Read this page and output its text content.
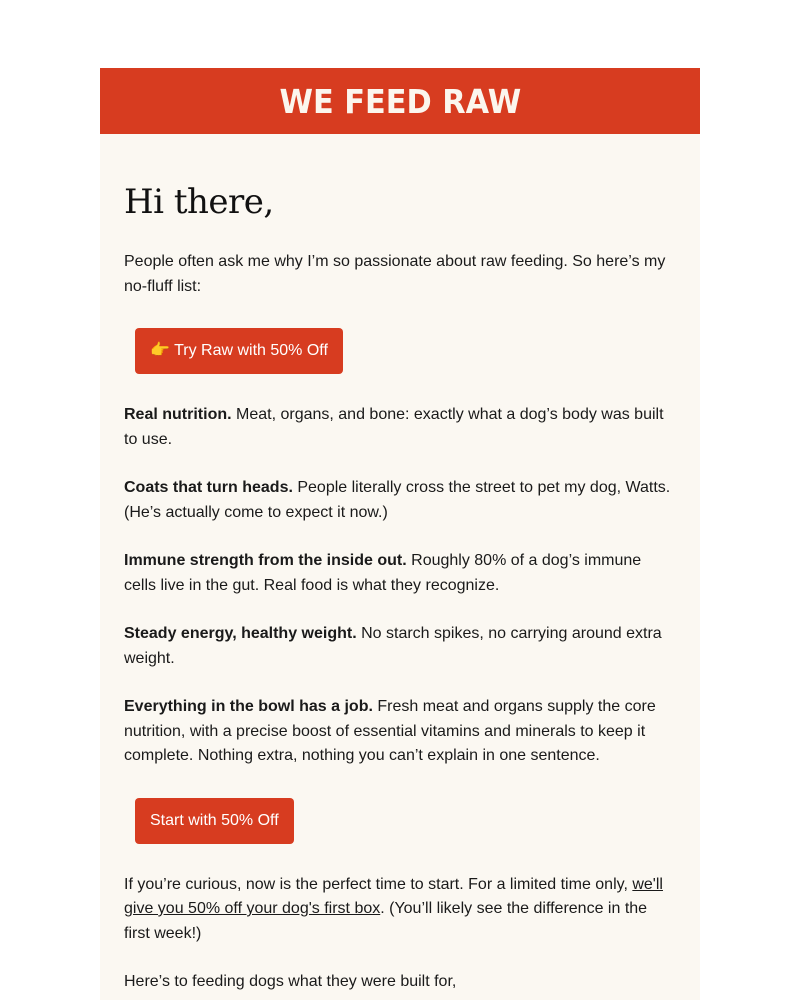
WE FEED RAW
Hi there,

People often ask me why I’m so passionate about raw feeding. So here’s my no-fluff list:

👉 Try Raw with 50% Off

Real nutrition. Meat, organs, and bone: exactly what a dog’s body was built to use.

Coats that turn heads. People literally cross the street to pet my dog, Watts. (He’s actually come to expect it now.)

Immune strength from the inside out. Roughly 80% of a dog’s immune cells live in the gut. Real food is what they recognize.

Steady energy, healthy weight. No starch spikes, no carrying around extra weight.

Everything in the bowl has a job. Fresh meat and organs supply the core nutrition, with a precise boost of essential vitamins and minerals to keep it complete. Nothing extra, nothing you can’t explain in one sentence.

Start with 50% Off

If you’re curious, now is the perfect time to start. For a limited time only, we'll give you 50% off your dog's first box. (You’ll likely see the difference in the first week!)

Here’s to feeding dogs what they were built for,
